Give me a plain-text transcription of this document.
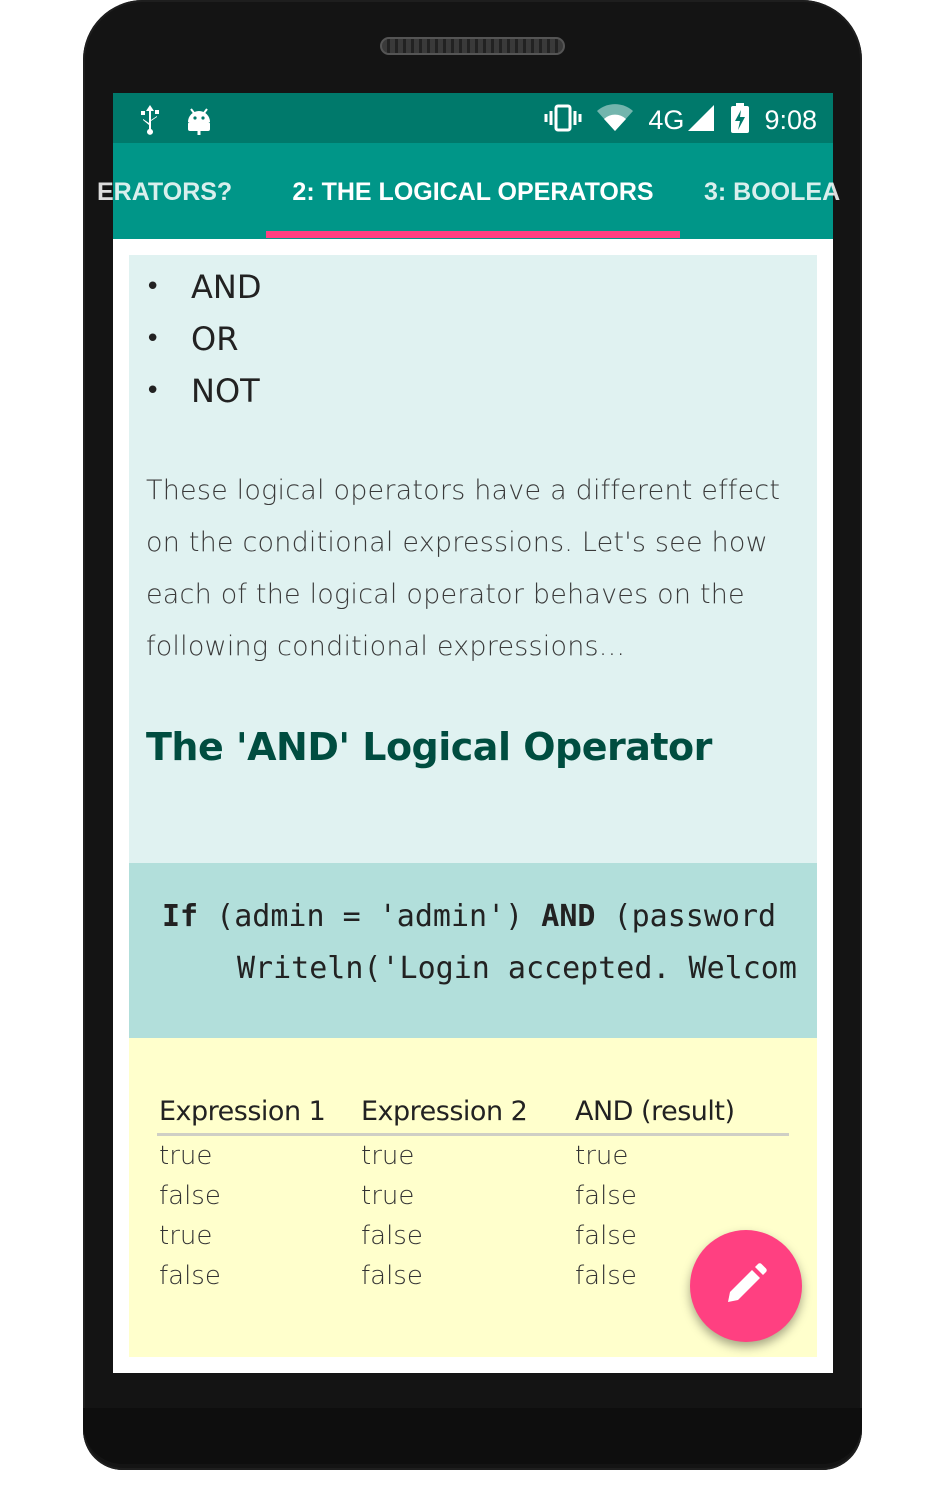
4G	9:08
ERATORS?	2: THE LOGICAL OPERATORS	3: BOOLEA
• AND
• OR
• NOT

These logical operators have a different effect on the conditional expressions. Let's see how each of the logical operator behaves on the following conditional expressions...

The 'AND' Logical Operator
If (admin = 'admin') AND (password
Writeln('Login accepted. Welcom
Expression 1	Expression 2	AND (result)
true	true	true
false	true	false
true	false	false
false	false	false
